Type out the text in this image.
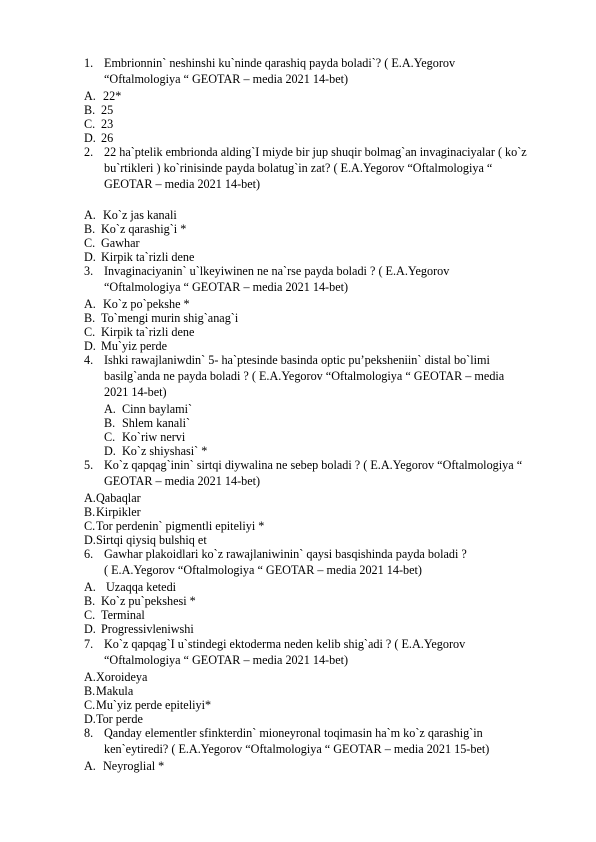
1. Embrionnin` neshinshi ku`ninde qarashiq payda boladi`? ( E.A.Yegorov
“Oftalmologiya “ GEOTAR – media 2021 14-bet)
A. 22*
B. 25
C. 23
D. 26
2. 22 ha`ptelik embrionda alding`I miyde bir jup shuqir bolmag`an invaginaciyalar ( ko`z
bu`rtikleri ) ko`rinisinde payda bolatug`in zat? ( E.A.Yegorov “Oftalmologiya “
GEOTAR – media 2021 14-bet)
A. Ko`z jas kanali
B. Ko`z qarashig`i *
C. Gawhar
D. Kirpik ta`rizli dene
3. Invaginaciyanin` u`lkeyiwinen ne na`rse payda boladi ? ( E.A.Yegorov
“Oftalmologiya “ GEOTAR – media 2021 14-bet)
A. Ko`z po`pekshe *
B. To`mengi murin shig`anag`i
C. Kirpik ta`rizli dene
D. Mu`yiz perde
4. Ishki rawajlaniwdin` 5- ha`ptesinde basinda optic pu’peksheniin` distal bo`limi
basilg`anda ne payda boladi ? ( E.A.Yegorov “Oftalmologiya “ GEOTAR – media
2021 14-bet)
A. Cinn baylami`
B. Shlem kanali`
C. Ko`riw nervi
D. Ko`z shiyshasi` *
5. Ko`z qapqag`inin` sirtqi diywalina ne sebep boladi ? ( E.A.Yegorov “Oftalmologiya “
GEOTAR – media 2021 14-bet)
A. Qabaqlar
B. Kirpikler
C. Tor perdenin` pigmentli epiteliyi *
D. Sirtqi qiysiq bulshiq et
6. Gawhar plakoidlari ko`z rawajlaniwinin` qaysi basqishinda payda boladi ?
( E.A.Yegorov “Oftalmologiya “ GEOTAR – media 2021 14-bet)
A. Uzaqqa ketedi
B. Ko`z pu`pekshesi *
C. Terminal
D. Progressivleniwshi
7. Ko`z qapqag`I u`stindegi ektoderma neden kelib shig`adi ? ( E.A.Yegorov
“Oftalmologiya “ GEOTAR – media 2021 14-bet)
A. Xoroideya
B. Makula
C. Mu`yiz perde epiteliyi*
D. Tor perde
8. Qanday elementler sfinkterdin` mioneyronal toqimasin ha`m ko`z qarashig`in
ken`eytiredi? ( E.A.Yegorov “Oftalmologiya “ GEOTAR – media 2021 15-bet)
A. Neyroglial *
